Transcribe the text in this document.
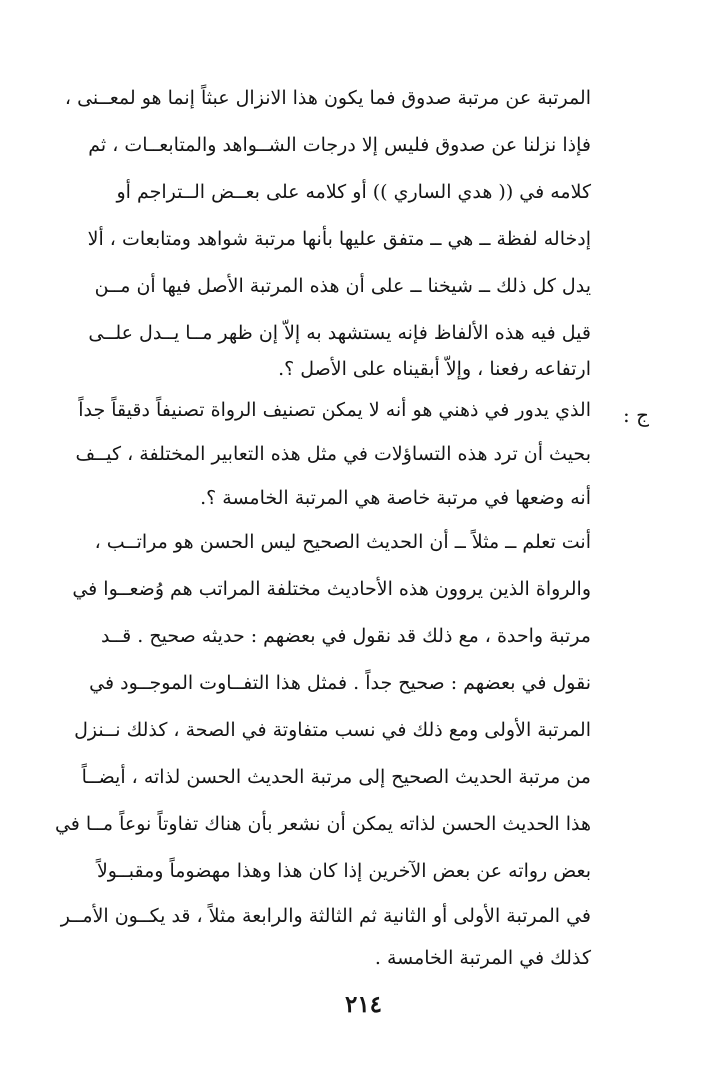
المرتبة عن مرتبة صدوق فما يكون هذا الانزال عبثاً إنما هو لمعــنى ،
فإذا نزلنا عن صدوق فليس إلا درجات الشــواهد والمتابعــات ، ثم
كلامه في (( هدي الساري )) أو كلامه على بعــض الــتراجم أو
إدخاله لفظة ــ هي ــ متفق عليها بأنها مرتبة شواهد ومتابعات ، ألا
يدل كل ذلك ــ شيخنا ــ على أن هذه المرتبة الأصل فيها أن مــن
قيل فيه هذه الألفاظ فإنه يستشهد به إلاّ إن ظهر مــا يــدل علــى
ارتفاعه رفعنا ، وإلاّ أبقيناه على الأصل ؟.
ج :
الذي يدور في ذهني هو أنه لا يمكن تصنيف الرواة تصنيفاً دقيقاً جداً
بحيث أن ترد هذه التساؤلات في مثل هذه التعابير المختلفة ، كيــف
أنه وضعها في مرتبة خاصة هي المرتبة الخامسة ؟.
أنت تعلم ــ مثلاً ــ أن الحديث الصحيح ليس الحسن هو مراتــب ،
والرواة الذين يروون هذه الأحاديث مختلفة المراتب هم وُضعــوا في
مرتبة واحدة ، مع ذلك قد نقول في بعضهم : حديثه صحيح . قــد
نقول في بعضهم : صحيح جداً . فمثل هذا التفــاوت الموجــود في
المرتبة الأولى ومع ذلك في نسب متفاوتة في الصحة ، كذلك نــنزل
من مرتبة الحديث الصحيح إلى مرتبة الحديث الحسن لذاته ، أيضــاً
هذا الحديث الحسن لذاته يمكن أن نشعر بأن هناك تفاوتاً نوعاً مــا في
بعض رواته عن بعض الآخرين إذا كان هذا وهذا مهضوماً ومقبــولاً
في المرتبة الأولى أو الثانية ثم الثالثة والرابعة مثلاً ، قد يكــون الأمــر
كذلك في المرتبة الخامسة .
٢١٤
